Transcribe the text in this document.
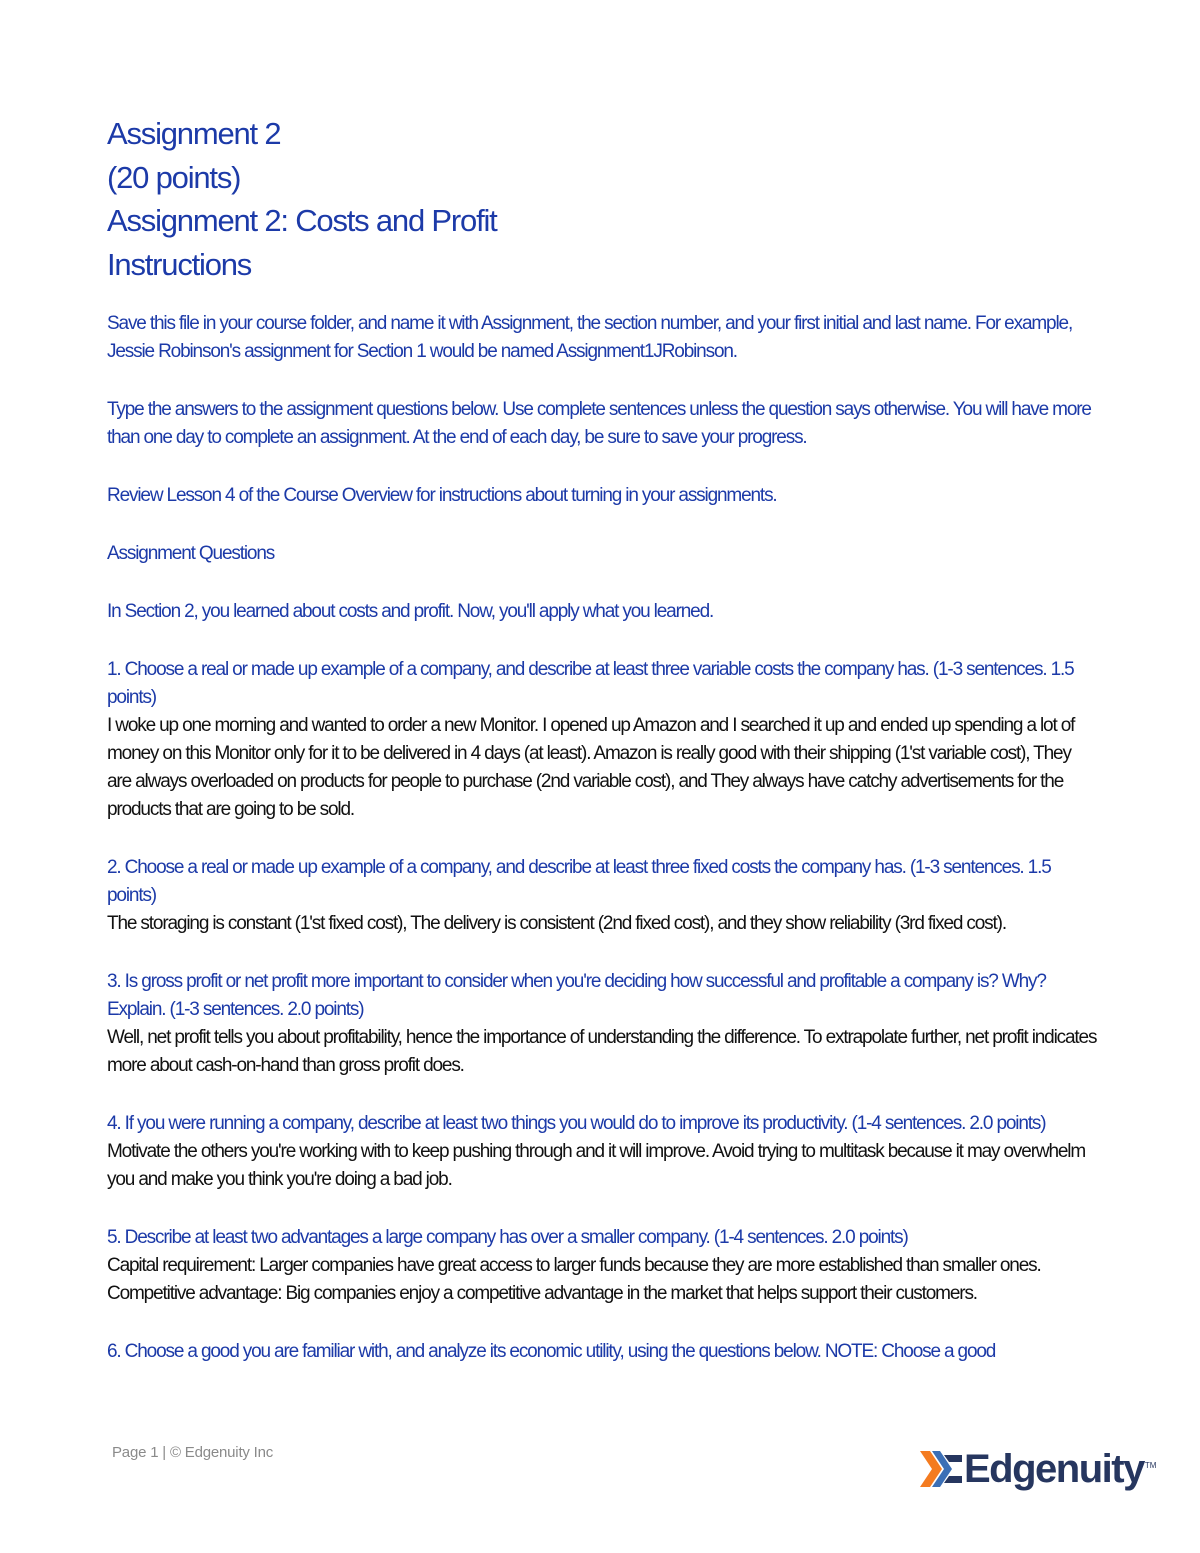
Assignment 2
(20 points)
Assignment 2: Costs and Profit
Instructions

Save this file in your course folder, and name it with Assignment, the section number, and your first initial and last name. For example, Jessie Robinson's assignment for Section 1 would be named Assignment1JRobinson.

Type the answers to the assignment questions below. Use complete sentences unless the question says otherwise. You will have more than one day to complete an assignment. At the end of each day, be sure to save your progress.

Review Lesson 4 of the Course Overview for instructions about turning in your assignments.

Assignment Questions

In Section 2, you learned about costs and profit. Now, you'll apply what you learned.

1. Choose a real or made up example of a company, and describe at least three variable costs the company has. (1-3 sentences. 1.5 points)
I woke up one morning and wanted to order a new Monitor. I opened up Amazon and I searched it up and ended up spending a lot of money on this Monitor only for it to be delivered in 4 days (at least). Amazon is really good with their shipping (1'st variable cost), They are always overloaded on products for people to purchase (2nd variable cost), and They always have catchy advertisements for the products that are going to be sold.
2. Choose a real or made up example of a company, and describe at least three fixed costs the company has. (1-3 sentences. 1.5 points)
The storaging is constant (1'st fixed cost), The delivery is consistent (2nd fixed cost), and they show reliability (3rd fixed cost).
3. Is gross profit or net profit more important to consider when you're deciding how successful and profitable a company is? Why? Explain. (1-3 sentences. 2.0 points)
Well, net profit tells you about profitability, hence the importance of understanding the difference. To extrapolate further, net profit indicates more about cash-on-hand than gross profit does.
4. If you were running a company, describe at least two things you would do to improve its productivity. (1-4 sentences. 2.0 points)
Motivate the others you're working with to keep pushing through and it will improve. Avoid trying to multitask because it may overwhelm you and make you think you're doing a bad job.
5. Describe at least two advantages a large company has over a smaller company. (1-4 sentences. 2.0 points)
Capital requirement: Larger companies have great access to larger funds because they are more established than smaller ones. Competitive advantage: Big companies enjoy a competitive advantage in the market that helps support their customers.
6. Choose a good you are familiar with, and analyze its economic utility, using the questions below. NOTE: Choose a good
Page 1 | © Edgenuity Inc	Edgenuity TM
